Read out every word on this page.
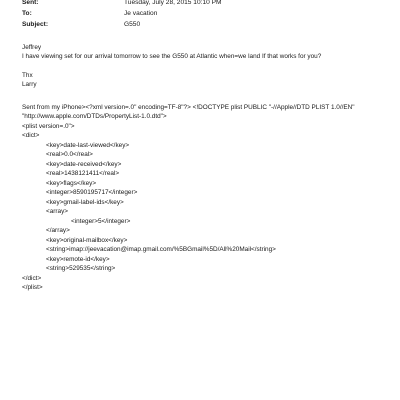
Sent:	Tuesday, July 28, 2015 10:10 PM
To:	Je vacation
Subject:	G550
Jeffrey
I have viewing set for our arrival tomorrow to see the G550 at Atlantic when=we land If that works for you?
Thx
Larry
Sent from my iPhone><?xml version=.0" encoding=TF-8"?> <!DOCTYPE plist PUBLIC "-//Apple//DTD PLIST 1.0//EN"
"http://www.apple.com/DTDs/PropertyList-1.0.dtd">
<plist version=.0">
<dict>
<key>date-last-viewed</key>
<real>0.0</real>
<key>date-received</key>
<real>1438121411</real>
<key>flags</key>
<integer>8590195717</integer>
<key>gmail-label-ids</key>
<array>
<integer>5</integer>
</array>
<key>original-mailbox</key>
<string>imap://jeevacation@imap.gmail.com/%5BGmail%5D/All%20Mail</string>
<key>remote-id</key>
<string>529535</string>
</dict>
</plist>
